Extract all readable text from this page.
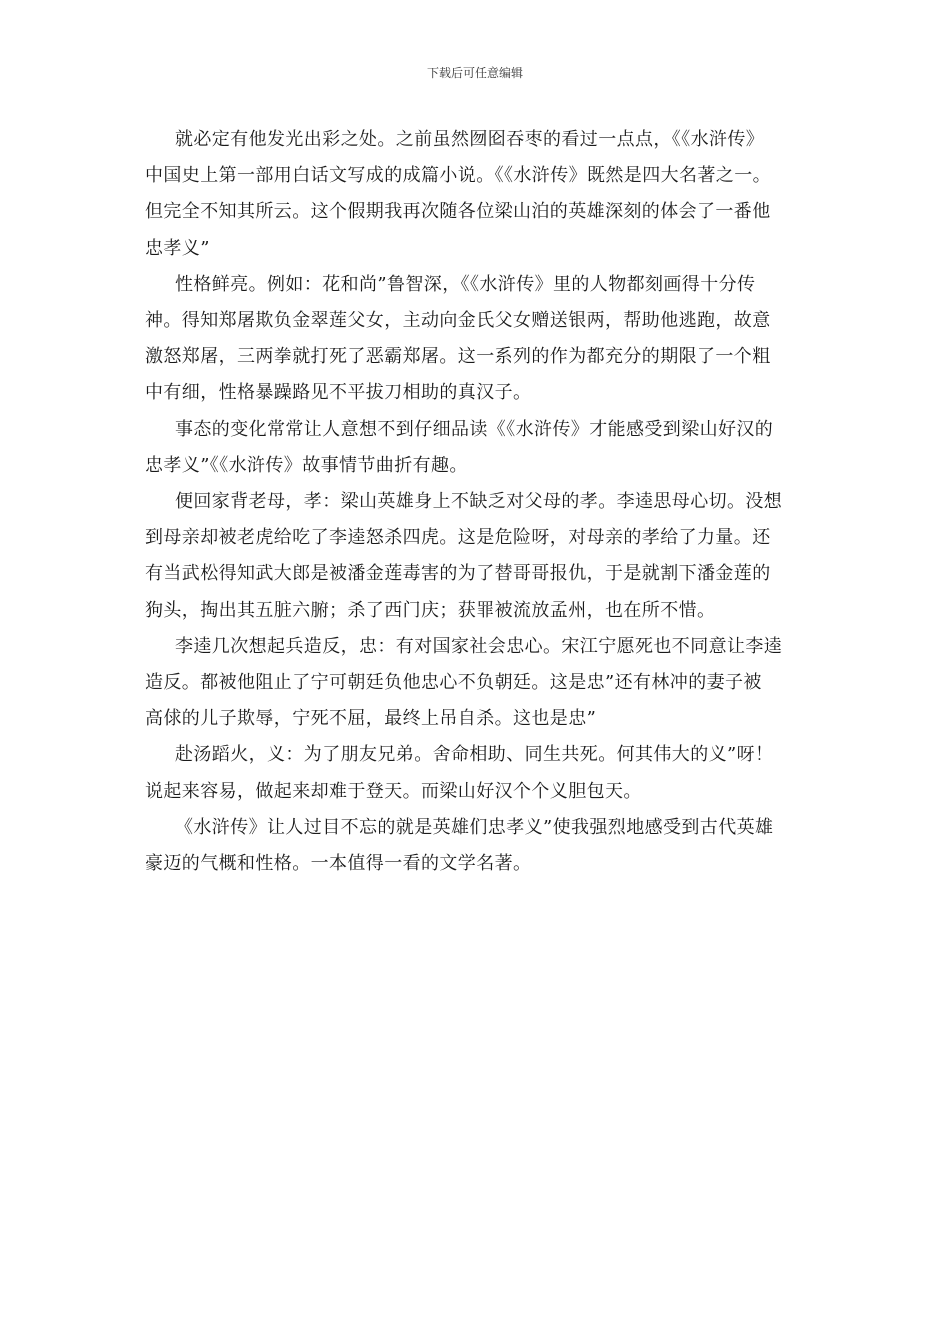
下载后可任意编辑

就必定有他发光出彩之处。之前虽然囫囵吞枣的看过一点点，《《水浒传》
中国史上第一部用白话文写成的成篇小说。《《水浒传》既然是四大名著之一。
但完全不知其所云。这个假期我再次随各位梁山泊的英雄深刻的体会了一番他
忠孝义”

性格鲜亮。例如：花和尚”鲁智深，《《水浒传》里的人物都刻画得十分传
神。得知郑屠欺负金翠莲父女，主动向金氏父女赠送银两，帮助他逃跑，故意
激怒郑屠，三两拳就打死了恶霸郑屠。这一系列的作为都充分的期限了一个粗
中有细，性格暴躁路见不平拔刀相助的真汉子。

事态的变化常常让人意想不到仔细品读《《水浒传》才能感受到梁山好汉的
忠孝义”《《水浒传》故事情节曲折有趣。

便回家背老母，孝：梁山英雄身上不缺乏对父母的孝。李逵思母心切。没想
到母亲却被老虎给吃了李逵怒杀四虎。这是危险呀，对母亲的孝给了力量。还
有当武松得知武大郎是被潘金莲毒害的为了替哥哥报仇，于是就割下潘金莲的
狗头，掏出其五脏六腑；杀了西门庆；获罪被流放孟州，也在所不惜。

李逵几次想起兵造反，忠：有对国家社会忠心。宋江宁愿死也不同意让李逵
造反。都被他阻止了宁可朝廷负他忠心不负朝廷。这是忠”还有林冲的妻子被
高俅的儿子欺辱，宁死不屈，最终上吊自杀。这也是忠”

赴汤蹈火，义：为了朋友兄弟。舍命相助、同生共死。何其伟大的义”呀！
说起来容易，做起来却难于登天。而梁山好汉个个义胆包天。

《水浒传》让人过目不忘的就是英雄们忠孝义”使我强烈地感受到古代英雄
豪迈的气概和性格。一本值得一看的文学名著。
